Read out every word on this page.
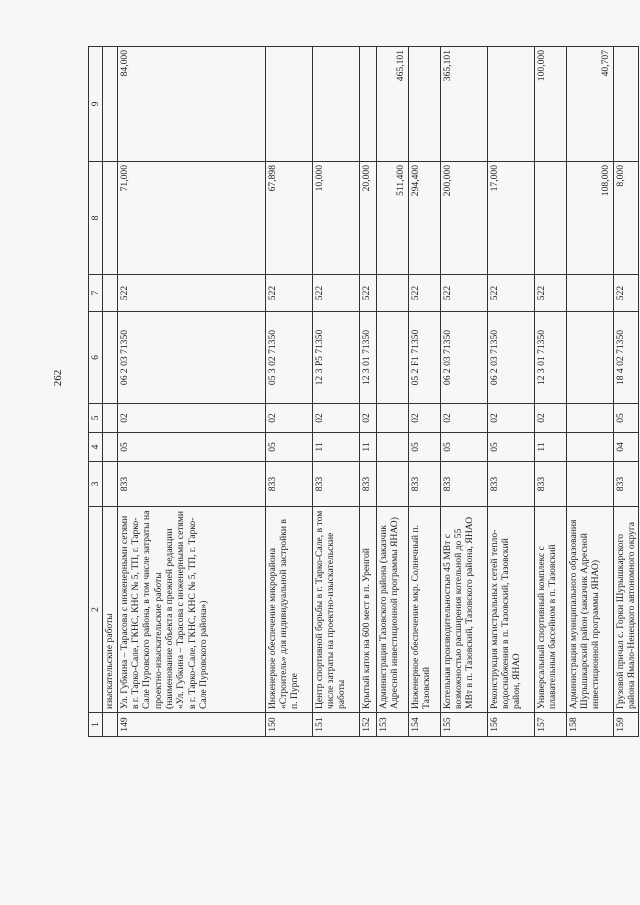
262
1	2	3	4	5	6	7	8	9
	изыскательские работы							
149	Ул. Губкина – Тарасова с инженерными сетями в г. Тарко-Сале, ГКНС, КНС № 5, ТП, г. Тарко-Сале Пуровского района, в том числе затраты на проектно-изыскательские работы (наименование объекта в прежней редакции «Ул. Губкина – Тарасова с инженерными сетями в г. Тарко-Сале, ГКНС, КНС № 5, ТП, г. Тарко-Сале Пуровского района»)	833	05	02	06 2 03 71350	522	71,000	84,000
150	Инженерное обеспечение микрорайона «Строитель» для индивидуальной застройки в п. Пурпе	833	05	02	05 3 02 71350	522	67,898	
151	Центр спортивной борьбы в г. Тарко-Сале, в том числе затраты на проектно-изыскательские работы	833	11	02	12 3 P5 71350	522	10,000	
152	Крытый каток на 600 мест в п. Уренгой	833	11	02	12 3 01 71350	522	20,000	
153	Администрация Тазовского района (заказчик Адресной инвестиционной программы ЯНАО)						511,400	465,101
154	Инженерное обеспечение мкр. Солнечный п. Тазовский	833	05	02	05 2 F1 71350	522	294,400	
155	Котельная производительностью 45 МВт с возможностью расширения котельной до 55 МВт в п. Тазовский, Тазовского района, ЯНАО	833	05	02	06 2 03 71350	522	200,000	365,101
156	Реконструкция магистральных сетей тепло-водоснабжения в п. Тазовский, Тазовский район, ЯНАО	833	05	02	06 2 03 71350	522	17,000	
157	Универсальный спортивный комплекс с плавательным бассейном в п. Тазовский	833	11	02	12 3 01 71350	522		100,000
158	Администрация муниципального образования Шурышкарский район (заказчик Адресной инвестиционной программы ЯНАО)						108,000	40,707
159	Грузовой причал с. Горки Шурышкарского района Ямало-Ненецкого автономного округа	833	04	05	18 4 02 71350	522	8,000	
